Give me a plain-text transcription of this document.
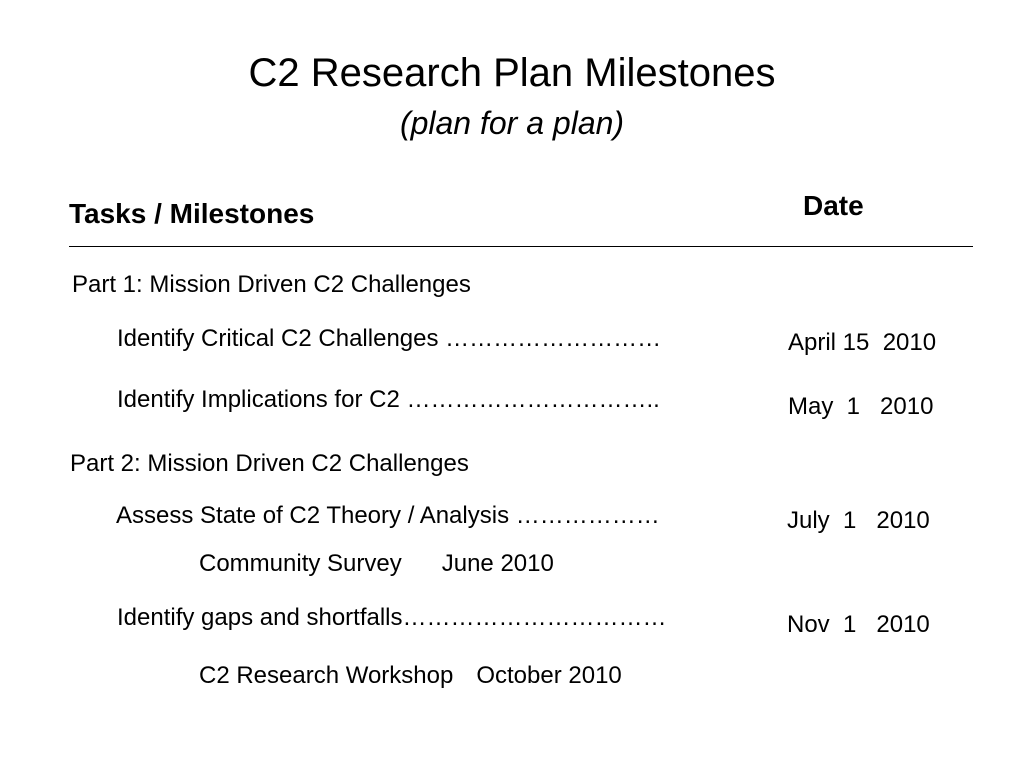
C2 Research Plan Milestones
(plan for a plan)
Tasks / Milestones	Date
Part 1: Mission Driven C2 Challenges
Identify Critical C2 Challenges ………………………	April 15  2010
Identify Implications for C2 …………………………..	May  1   2010
Part 2: Mission Driven C2 Challenges
Assess State of C2 Theory / Analysis ………………	July  1   2010
Community Survey June 2010
Identify gaps and shortfalls……………………………	Nov  1   2010
C2 Research Workshop October 2010
